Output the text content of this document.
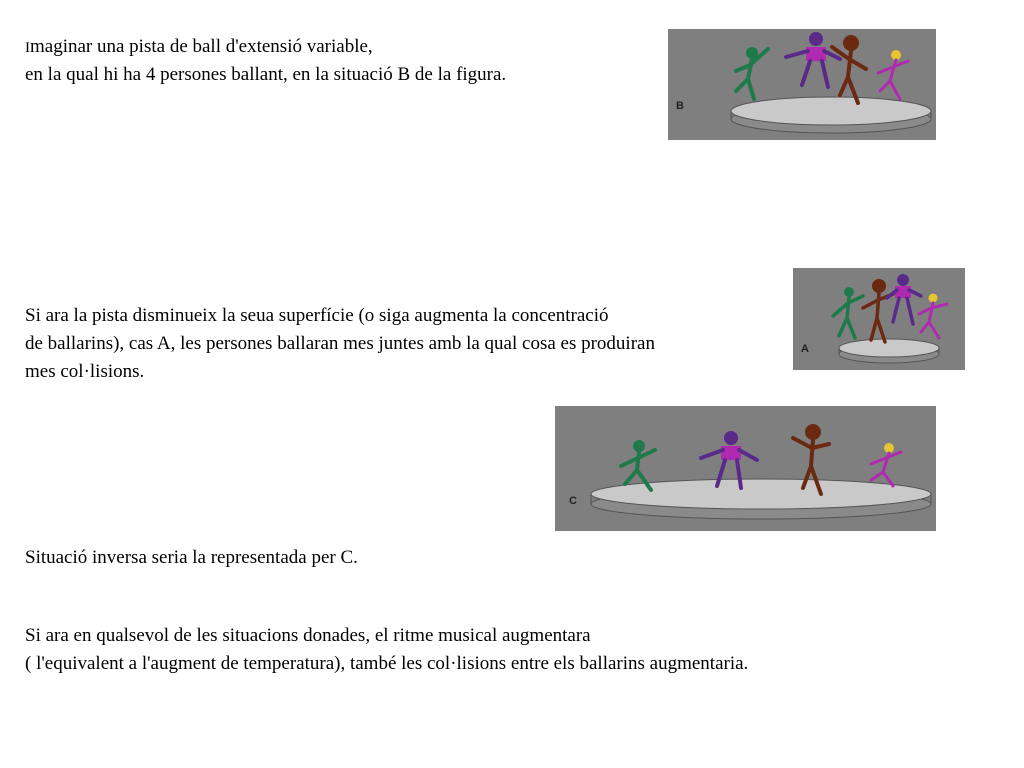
Imaginar una pista de ball d'extensió variable,
en la qual hi ha 4 persones ballant, en la situació B de la figura.
B
Si ara la pista disminueix la seua superfície (o siga augmenta la concentració
de ballarins), cas A, les persones ballaran mes juntes amb la qual cosa es produiran
mes col·lisions.
A
C
Situació inversa seria la representada per C.
Si ara en qualsevol de les situacions donades, el ritme musical augmentara
( l'equivalent a l'augment de temperatura), també les col·lisions entre els ballarins augmentaria.
